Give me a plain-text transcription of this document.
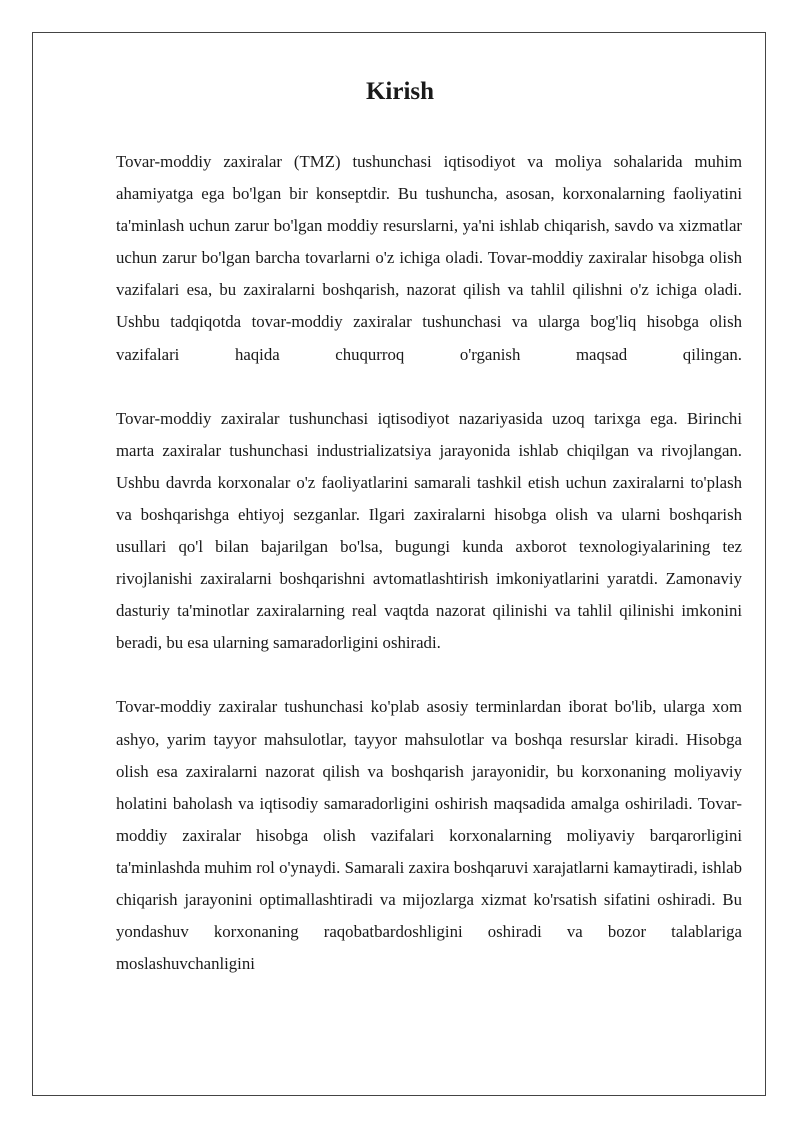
Kirish

Tovar-moddiy zaxiralar (TMZ) tushunchasi iqtisodiyot va moliya sohalarida muhim ahamiyatga ega bo'lgan bir konseptdir. Bu tushuncha, asosan, korxonalarning faoliyatini ta'minlash uchun zarur bo'lgan moddiy resurslarni, ya'ni ishlab chiqarish, savdo va xizmatlar uchun zarur bo'lgan barcha tovarlarni o'z ichiga oladi. Tovar-moddiy zaxiralar hisobga olish vazifalari esa, bu zaxiralarni boshqarish, nazorat qilish va tahlil qilishni o'z ichiga oladi. Ushbu tadqiqotda tovar-moddiy zaxiralar tushunchasi va ularga bog'liq hisobga olish vazifalari haqida chuqurroq o'rganish maqsad qilingan.

Tovar-moddiy zaxiralar tushunchasi iqtisodiyot nazariyasida uzoq tarixga ega. Birinchi marta zaxiralar tushunchasi industrializatsiya jarayonida ishlab chiqilgan va rivojlangan. Ushbu davrda korxonalar o'z faoliyatlarini samarali tashkil etish uchun zaxiralarni to'plash va boshqarishga ehtiyoj sezganlar. Ilgari zaxiralarni hisobga olish va ularni boshqarish usullari qo'l bilan bajarilgan bo'lsa, bugungi kunda axborot texnologiyalarining tez rivojlanishi zaxiralarni boshqarishni avtomatlashtirish imkoniyatlarini yaratdi. Zamonaviy dasturiy ta'minotlar zaxiralarning real vaqtda nazorat qilinishi va tahlil qilinishi imkonini beradi, bu esa ularning samaradorligini oshiradi.

Tovar-moddiy zaxiralar tushunchasi ko'plab asosiy terminlardan iborat bo'lib, ularga xom ashyo, yarim tayyor mahsulotlar, tayyor mahsulotlar va boshqa resurslar kiradi. Hisobga olish esa zaxiralarni nazorat qilish va boshqarish jarayonidir, bu korxonaning moliyaviy holatini baholash va iqtisodiy samaradorligini oshirish maqsadida amalga oshiriladi. Tovar-moddiy zaxiralar hisobga olish vazifalari korxonalarning moliyaviy barqarorligini ta'minlashda muhim rol o'ynaydi. Samarali zaxira boshqaruvi xarajatlarni kamaytiradi, ishlab chiqarish jarayonini optimallashtiradi va mijozlarga xizmat ko'rsatish sifatini oshiradi. Bu yondashuv korxonaning raqobatbardoshligini oshiradi va bozor talablariga moslashuvchanligini
